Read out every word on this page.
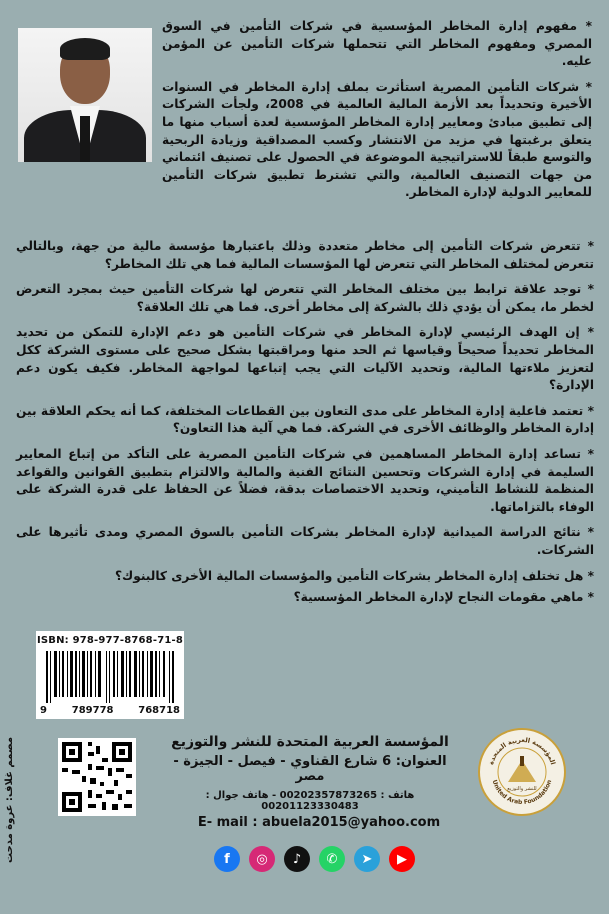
* مفهوم إدارة المخاطر المؤسسية في شركات التأمين في السوق المصري ومفهوم المخاطر التي تتحملها شركات التأمين عن المؤمن عليه.

* شركات التأمين المصرية استأثرت بملف إدارة المخاطر في السنوات الأخيرة وتحديداً بعد الأزمة المالية العالمية في 2008، ولجأت الشركات إلى تطبيق مبادئ ومعايير إدارة المخاطر المؤسسية لعدة أسباب منها ما يتعلق برغبتها في مزيد من الانتشار وكسب المصداقية وزيادة الربحية والتوسع طبقاً للاستراتيجية الموضوعة في الحصول على تصنيف ائتماني من جهات التصنيف العالمية، والتي تشترط تطبيق شركات التأمين للمعايير الدولية لإدارة المخاطر.

* تتعرض شركات التأمين إلى مخاطر متعددة وذلك باعتبارها مؤسسة مالية من جهة، وبالتالي تتعرض لمختلف المخاطر التي تتعرض لها المؤسسات المالية فما هي تلك المخاطر؟

* توجد علاقة ترابط بين مختلف المخاطر التي تتعرض لها شركات التأمين حيث بمجرد التعرض لخطر ما، يمكن أن يؤدي ذلك بالشركة إلى مخاطر أخرى. فما هي تلك العلاقة؟

* إن الهدف الرئيسي لإدارة المخاطر في شركات التأمين هو دعم الإدارة للتمكن من تحديد المخاطر تحديداً صحيحاً وقياسها ثم الحد منها ومراقبتها بشكل صحيح على مستوى الشركة ككل لتعزيز ملاءتها المالية، وتحديد الآليات التي يجب إتباعها لمواجهة المخاطر. فكيف يكون دعم الإدارة؟

* تعتمد فاعلية إدارة المخاطر على مدى التعاون بين القطاعات المختلفة، كما أنه يحكم العلاقة بين إدارة المخاطر والوظائف الأخرى في الشركة. فما هي آلية هذا التعاون؟

* تساعد إدارة المخاطر المساهمين في شركات التأمين المصرية على التأكد من إتباع المعايير السليمة في إدارة الشركات وتحسين النتائج الفنية والمالية والالتزام بتطبيق القوانين والقواعد المنظمة للنشاط التأميني، وتحديد الاختصاصات بدقة، فضلاً عن الحفاظ على قدرة الشركة على الوفاء بالتزاماتها.

* نتائج الدراسة الميدانية لإدارة المخاطر بشركات التأمين بالسوق المصري ومدى تأثيرها على الشركات.

* هل تختلف إدارة المخاطر بشركات التأمين والمؤسسات المالية الأخرى كالبنوك؟

* ماهي مقومات النجاح لإدارة المخاطر المؤسسية؟

ISBN: 978-977-8768-71-8
9 789778 768718
مصمم غلاف: عروة مدحت	المؤسسة العربية المتحدة للنشر والتوزيع
العنوان: 6 شارع القناوي - فيصل - الجيزة - مصر
هاتف : 00202357873265 - هاتف جوال : 00201123330483
E- mail : abuela2015@yahoo.com
المؤسسة العربية المتحدة
United Arab Foundation
للنشر والتوزيع
f	◎	♪	✆	➤	▶
